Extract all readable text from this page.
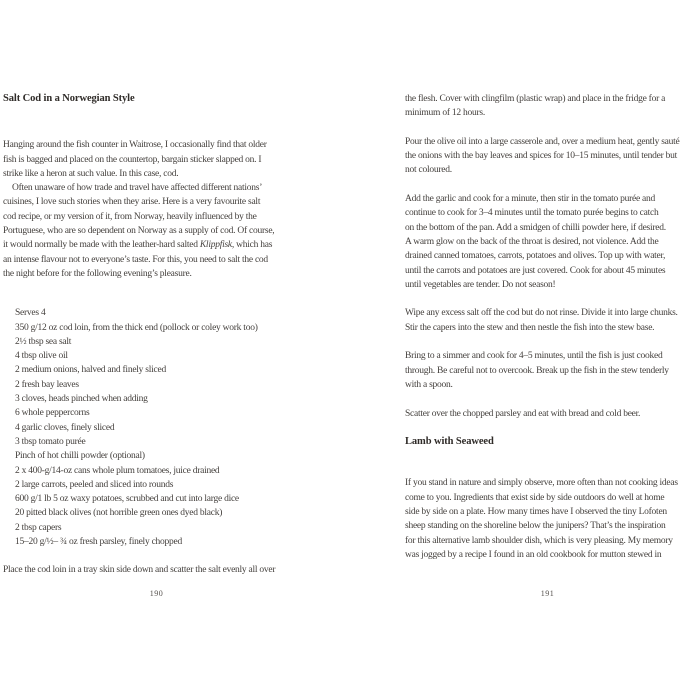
Salt Cod in a Norwegian Style
Hanging around the fish counter in Waitrose, I occasionally find that older
fish is bagged and placed on the countertop, bargain sticker slapped on. I
strike like a heron at such value. In this case, cod.
Often unaware of how trade and travel have affected different nations’
cuisines, I love such stories when they arise. Here is a very favourite salt
cod recipe, or my version of it, from Norway, heavily influenced by the
Portuguese, who are so dependent on Norway as a supply of cod. Of course,
it would normally be made with the leather-hard salted Klippfisk, which has
an intense flavour not to everyone’s taste. For this, you need to salt the cod
the night before for the following evening’s pleasure.
Serves 4
350 g/12 oz cod loin, from the thick end (pollock or coley work too)
2½ tbsp sea salt
4 tbsp olive oil
2 medium onions, halved and finely sliced
2 fresh bay leaves
3 cloves, heads pinched when adding
6 whole peppercorns
4 garlic cloves, finely sliced
3 tbsp tomato purée
Pinch of hot chilli powder (optional)
2 x 400-g/14-oz cans whole plum tomatoes, juice drained
2 large carrots, peeled and sliced into rounds
600 g/1 lb 5 oz waxy potatoes, scrubbed and cut into large dice
20 pitted black olives (not horrible green ones dyed black)
2 tbsp capers
15–20 g/½– ¾ oz fresh parsley, finely chopped
Place the cod loin in a tray skin side down and scatter the salt evenly all over
190
the flesh. Cover with clingfilm (plastic wrap) and place in the fridge for a
minimum of 12 hours.
Pour the olive oil into a large casserole and, over a medium heat, gently sauté
the onions with the bay leaves and spices for 10–15 minutes, until tender but
not coloured.
Add the garlic and cook for a minute, then stir in the tomato purée and
continue to cook for 3–4 minutes until the tomato purée begins to catch
on the bottom of the pan. Add a smidgen of chilli powder here, if desired.
A warm glow on the back of the throat is desired, not violence. Add the
drained canned tomatoes, carrots, potatoes and olives. Top up with water,
until the carrots and potatoes are just covered. Cook for about 45 minutes
until vegetables are tender. Do not season!
Wipe any excess salt off the cod but do not rinse. Divide it into large chunks.
Stir the capers into the stew and then nestle the fish into the stew base.
Bring to a simmer and cook for 4–5 minutes, until the fish is just cooked
through. Be careful not to overcook. Break up the fish in the stew tenderly
with a spoon.
Scatter over the chopped parsley and eat with bread and cold beer.
Lamb with Seaweed
If you stand in nature and simply observe, more often than not cooking ideas
come to you. Ingredients that exist side by side outdoors do well at home
side by side on a plate. How many times have I observed the tiny Lofoten
sheep standing on the shoreline below the junipers? That’s the inspiration
for this alternative lamb shoulder dish, which is very pleasing. My memory
was jogged by a recipe I found in an old cookbook for mutton stewed in
191
